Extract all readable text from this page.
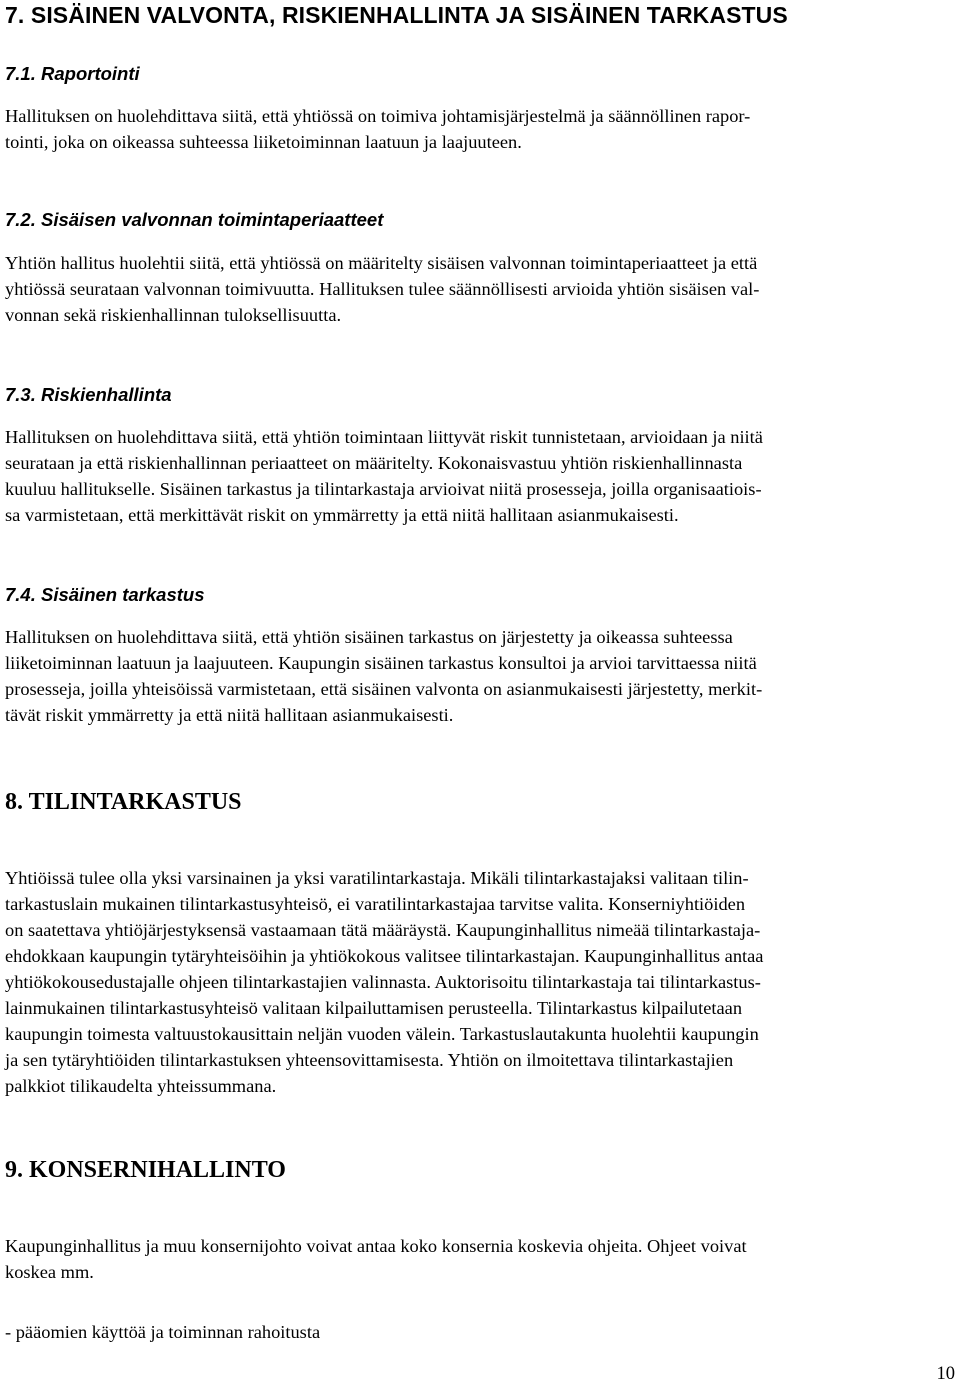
7. SISÄINEN VALVONTA, RISKIENHALLINTA JA SISÄINEN TARKASTUS
7.1. Raportointi
Hallituksen on huolehdittava siitä, että yhtiössä on toimiva johtamisjärjestelmä ja säännöllinen rapor-
tointi, joka on oikeassa suhteessa liiketoiminnan laatuun ja laajuuteen.
7.2. Sisäisen valvonnan toimintaperiaatteet
Yhtiön hallitus huolehtii siitä, että yhtiössä on määritelty sisäisen valvonnan toimintaperiaatteet ja että
yhtiössä seurataan valvonnan toimivuutta. Hallituksen tulee säännöllisesti arvioida yhtiön sisäisen val-
vonnan sekä riskienhallinnan tuloksellisuutta.
7.3. Riskienhallinta
Hallituksen on huolehdittava siitä, että yhtiön toimintaan liittyvät riskit tunnistetaan, arvioidaan ja niitä
seurataan ja että riskienhallinnan periaatteet on määritelty. Kokonaisvastuu yhtiön riskienhallinnasta
kuuluu hallitukselle. Sisäinen tarkastus ja tilintarkastaja arvioivat niitä prosesseja, joilla organisaatiois-
sa varmistetaan, että merkittävät riskit on ymmärretty ja että niitä hallitaan asianmukaisesti.
7.4. Sisäinen tarkastus
Hallituksen on huolehdittava siitä, että yhtiön sisäinen tarkastus on järjestetty ja oikeassa suhteessa
liiketoiminnan laatuun ja laajuuteen. Kaupungin sisäinen tarkastus konsultoi ja arvioi tarvittaessa niitä
prosesseja, joilla yhteisöissä varmistetaan, että sisäinen valvonta on asianmukaisesti järjestetty, merkit-
tävät riskit ymmärretty ja että niitä hallitaan asianmukaisesti.
8. TILINTARKASTUS
Yhtiöissä tulee olla yksi varsinainen ja yksi varatilintarkastaja. Mikäli tilintarkastajaksi valitaan tilin-
tarkastuslain mukainen tilintarkastusyhteisö, ei varatilintarkastajaa tarvitse valita. Konserniyhtiöiden
on saatettava yhtiöjärjestyksensä vastaamaan tätä määräystä. Kaupunginhallitus nimeää tilintarkastaja-
ehdokkaan kaupungin tytäryhteisöihin ja yhtiökokous valitsee tilintarkastajan. Kaupunginhallitus antaa
yhtiökokousedustajalle ohjeen tilintarkastajien valinnasta. Auktorisoitu tilintarkastaja tai tilintarkastus-
lainmukainen tilintarkastusyhteisö valitaan kilpailuttamisen perusteella. Tilintarkastus kilpailutetaan
kaupungin toimesta valtuustokausittain neljän vuoden välein. Tarkastuslautakunta huolehtii kaupungin
ja sen tytäryhtiöiden tilintarkastuksen yhteensovittamisesta. Yhtiön on ilmoitettava tilintarkastajien
palkkiot tilikaudelta yhteissummana.
9. KONSERNIHALLINTO
Kaupunginhallitus ja muu konsernijohto voivat antaa koko konsernia koskevia ohjeita. Ohjeet voivat
koskea mm.
- pääomien käyttöä ja toiminnan rahoitusta
10
